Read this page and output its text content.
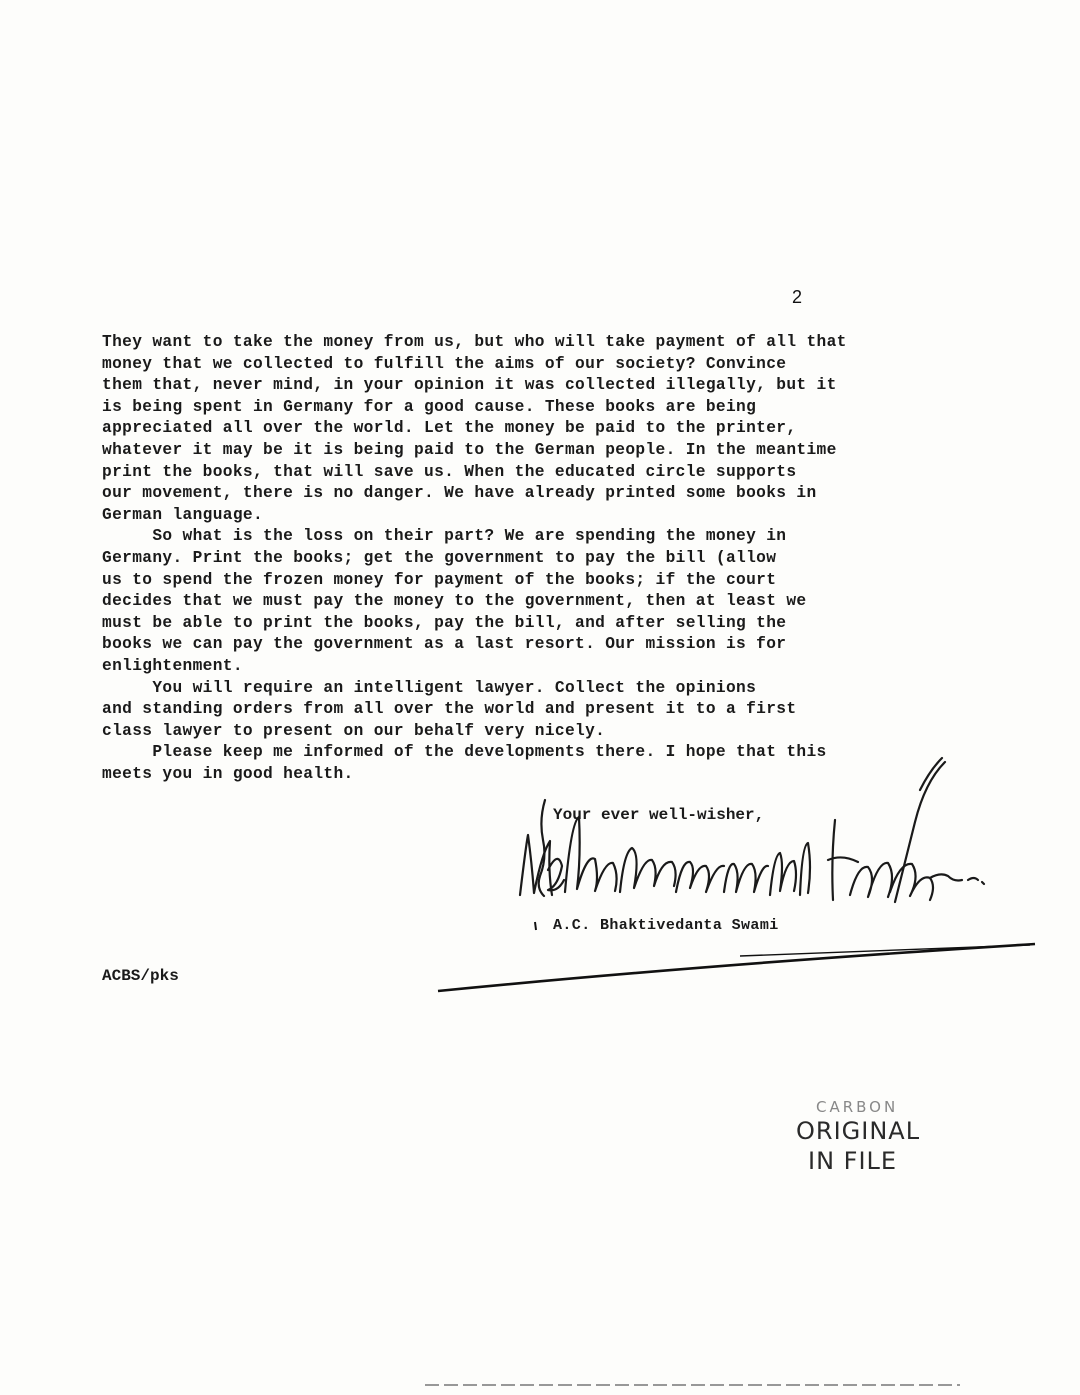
2

They want to take the money from us, but who will take payment of all that

money that we collected to fulfill the aims of our society? Convince

them that, never mind, in your opinion it was collected illegally, but it

is being spent in Germany for a good cause. These books are being

appreciated all over the world. Let the money be paid to the printer,

whatever it may be it is being paid to the German people. In the meantime

print the books, that will save us. When the educated circle supports

our movement, there is no danger. We have already printed some books in

German language.

So what is the loss on their part? We are spending the money in

Germany. Print the books; get the government to pay the bill (allow

us to spend the frozen money for payment of the books; if the court

decides that we must pay the money to the government, then at least we

must be able to print the books, pay the bill, and after selling the

books we can pay the government as a last resort. Our mission is for

enlightenment.

You will require an intelligent lawyer. Collect the opinions

and standing orders from all over the world and present it to a first

class lawyer to present on our behalf very nicely.

Please keep me informed of the developments there. I hope that this

meets you in good health.

Your ever well-wisher,
A.C. Bhaktivedanta Swami
ACBS/pks
CARBON
ORIGINAL
IN FILE
